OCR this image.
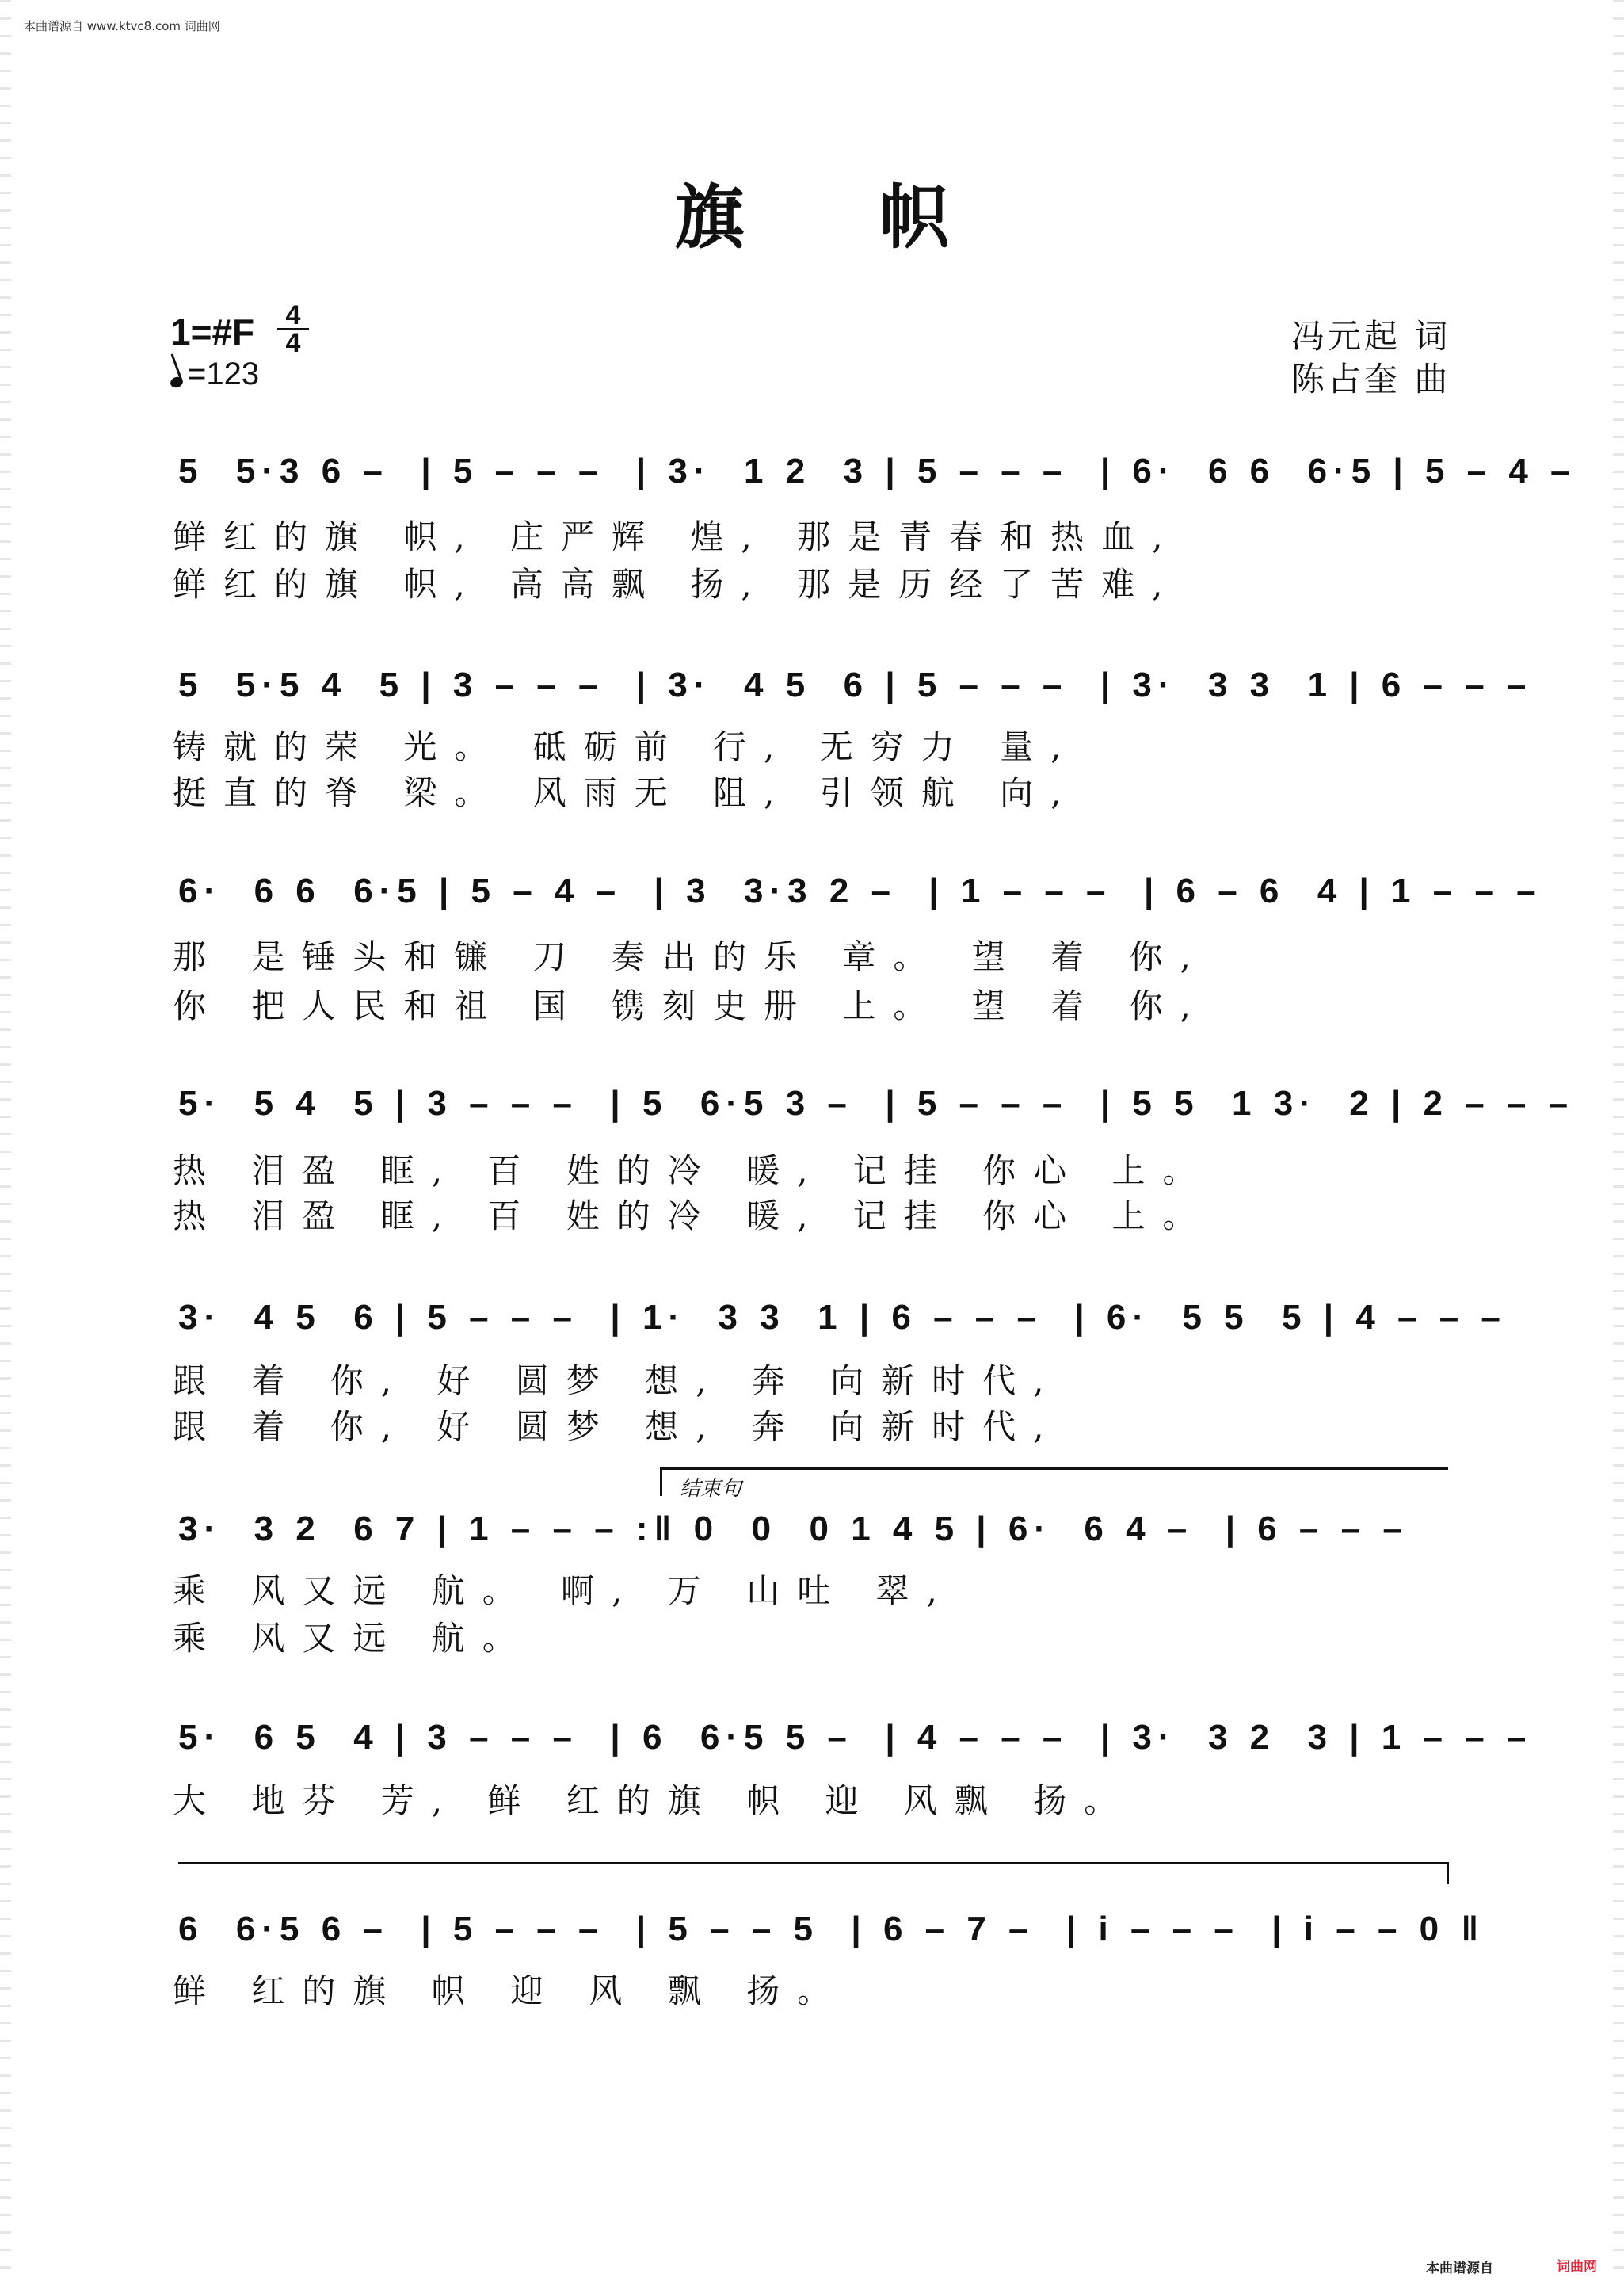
本曲谱源自 www.ktvc8.com 词曲网
旗 帜
1=#F	4
4
=123
冯元起 词
陈占奎 曲
5  5·3 6 –  | 5 – – –  | 3·  1 2  3 | 5 – – –  | 6·  6 6  6·5 | 5 – 4 –
鲜红的旗 帜, 庄严辉 煌, 那是青春和热血,
鲜红的旗 帜, 高高飘 扬, 那是历经了苦难,
5  5·5 4  5 | 3 – – –  | 3·  4 5  6 | 5 – – –  | 3·  3 3  1 | 6 – – –
铸就的荣 光。 砥砺前 行, 无穷力 量,
挺直的脊 梁。 风雨无 阻, 引领航 向,
6·  6 6  6·5 | 5 – 4 –  | 3  3·3 2 –  | 1 – – –  | 6 – 6  4 | 1 – – –
那 是锤头和镰 刀 奏出的乐 章。 望 着 你,
你 把人民和祖 国 镌刻史册 上。 望 着 你,
5·  5 4  5 | 3 – – –  | 5  6·5 3 –  | 5 – – –  | 5 5  1 3·  2 | 2 – – –
热 泪盈 眶, 百 姓的冷 暖, 记挂 你心 上。
热 泪盈 眶, 百 姓的冷 暖, 记挂 你心 上。
3·  4 5  6 | 5 – – –  | 1·  3 3  1 | 6 – – –  | 6·  5 5  5 | 4 – – –
跟 着 你, 好 圆梦 想, 奔 向新时代,
跟 着 你, 好 圆梦 想, 奔 向新时代,
结束句
3·  3 2  6 7 | 1 – – – :‖ 0  0  0 1 4 5 | 6·  6 4 –  | 6 – – –
乘 风又远 航。 啊, 万 山吐 翠,
乘 风又远 航。
5·  6 5  4 | 3 – – –  | 6  6·5 5 –  | 4 – – –  | 3·  3 2  3 | 1 – – –
大 地芬 芳, 鲜 红的旗 帜 迎 风飘 扬。
6  6·5 6 –  | 5 – – –  | 5 – – 5  | 6 – 7 –  | i – – –  | i – – 0 ‖
鲜 红的旗 帜 迎 风 飘 扬。
本曲谱源自	词曲网
